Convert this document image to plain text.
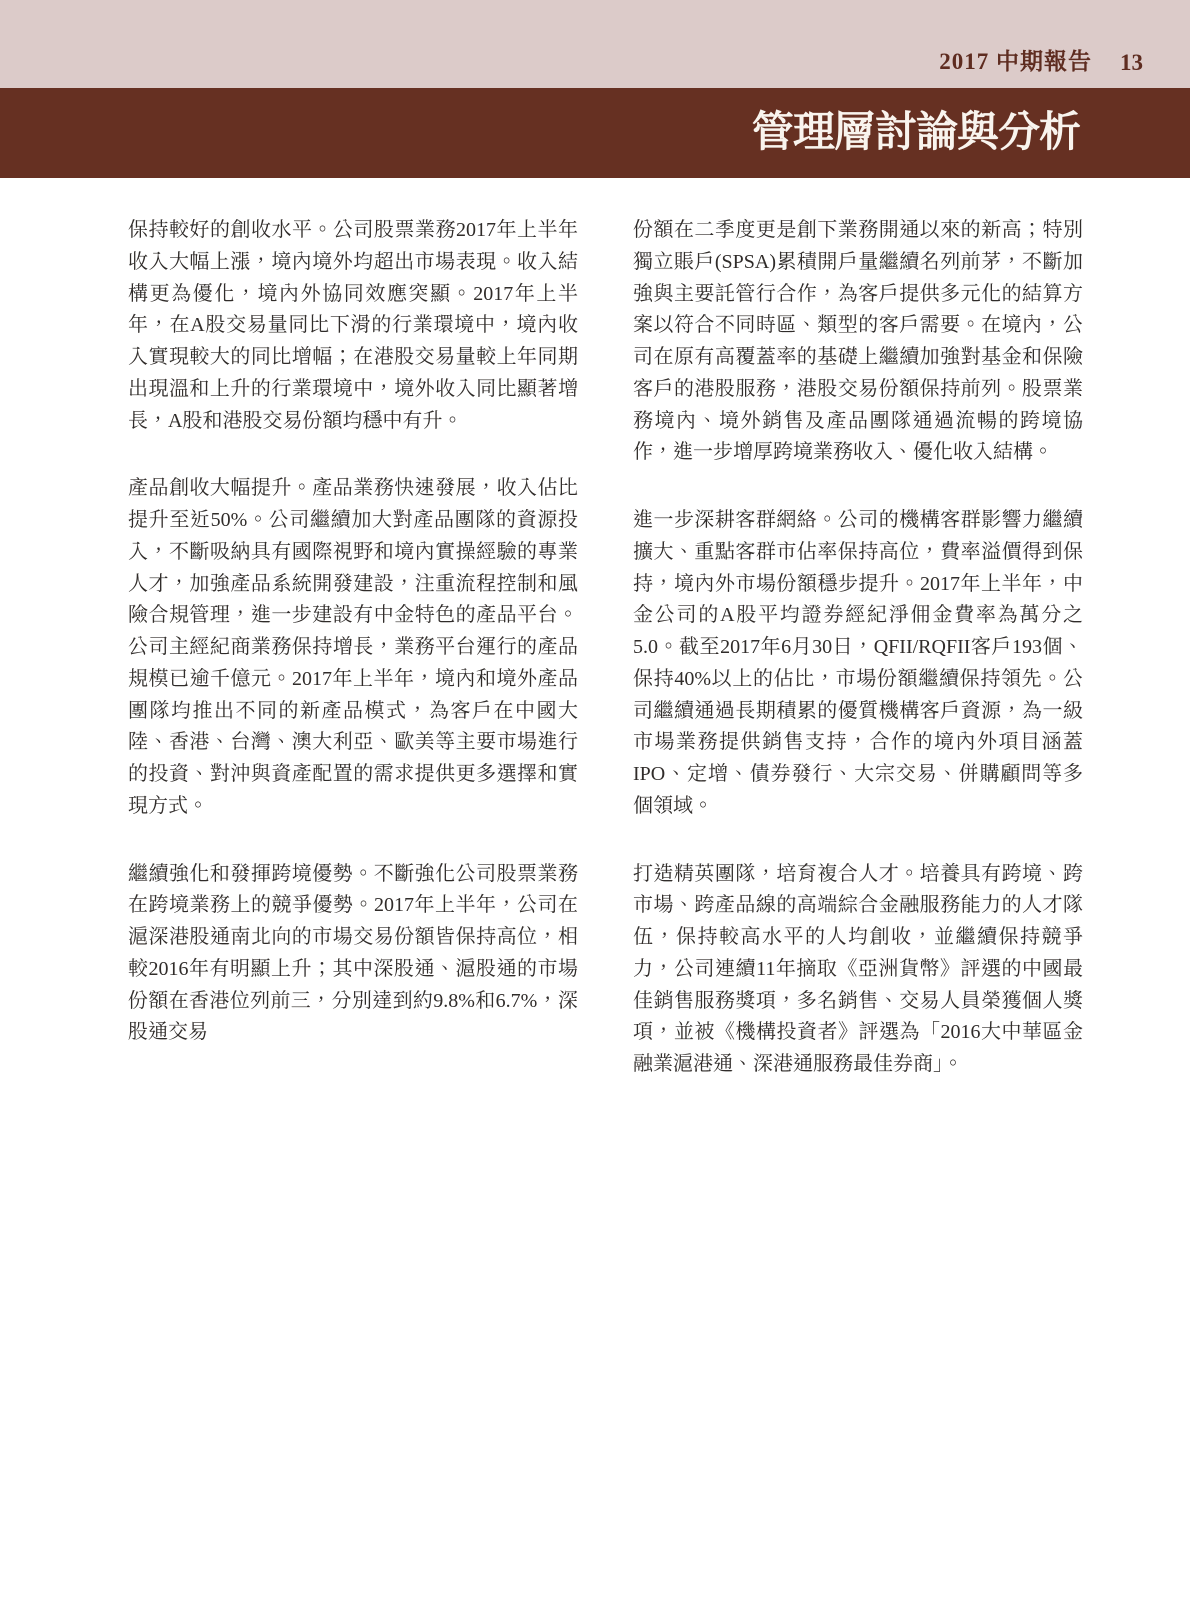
2017 中期報告 13
管理層討論與分析

保持較好的創收水平。公司股票業務2017年上半年收入大幅上漲，境內境外均超出市場表現。收入結構更為優化，境內外協同效應突顯。2017年上半年，在A股交易量同比下滑的行業環境中，境內收入實現較大的同比增幅；在港股交易量較上年同期出現溫和上升的行業環境中，境外收入同比顯著增長，A股和港股交易份額均穩中有升。

產品創收大幅提升。產品業務快速發展，收入佔比提升至近50%。公司繼續加大對產品團隊的資源投入，不斷吸納具有國際視野和境內實操經驗的專業人才，加強產品系統開發建設，注重流程控制和風險合規管理，進一步建設有中金特色的產品平台。公司主經紀商業務保持增長，業務平台運行的產品規模已逾千億元。2017年上半年，境內和境外產品團隊均推出不同的新產品模式，為客戶在中國大陸、香港、台灣、澳大利亞、歐美等主要市場進行的投資、對沖與資產配置的需求提供更多選擇和實現方式。

繼續強化和發揮跨境優勢。不斷強化公司股票業務在跨境業務上的競爭優勢。2017年上半年，公司在滬深港股通南北向的市場交易份額皆保持高位，相較2016年有明顯上升；其中深股通、滬股通的市場份額在香港位列前三，分別達到約9.8%和6.7%，深股通交易

份額在二季度更是創下業務開通以來的新高；特別獨立賬戶(SPSA)累積開戶量繼續名列前茅，不斷加強與主要託管行合作，為客戶提供多元化的結算方案以符合不同時區、類型的客戶需要。在境內，公司在原有高覆蓋率的基礎上繼續加強對基金和保險客戶的港股服務，港股交易份額保持前列。股票業務境內、境外銷售及產品團隊通過流暢的跨境協作，進一步增厚跨境業務收入、優化收入結構。

進一步深耕客群網絡。公司的機構客群影響力繼續擴大、重點客群市佔率保持高位，費率溢價得到保持，境內外市場份額穩步提升。2017年上半年，中金公司的A股平均證券經紀淨佣金費率為萬分之5.0。截至2017年6月30日，QFII/RQFII客戶193個、保持40%以上的佔比，市場份額繼續保持領先。公司繼續通過長期積累的優質機構客戶資源，為一級市場業務提供銷售支持，合作的境內外項目涵蓋IPO、定增、債券發行、大宗交易、併購顧問等多個領域。

打造精英團隊，培育複合人才。培養具有跨境、跨市場、跨產品線的高端綜合金融服務能力的人才隊伍，保持較高水平的人均創收，並繼續保持競爭力，公司連續11年摘取《亞洲貨幣》評選的中國最佳銷售服務獎項，多名銷售、交易人員榮獲個人獎項，並被《機構投資者》評選為「2016大中華區金融業滬港通、深港通服務最佳券商」。
